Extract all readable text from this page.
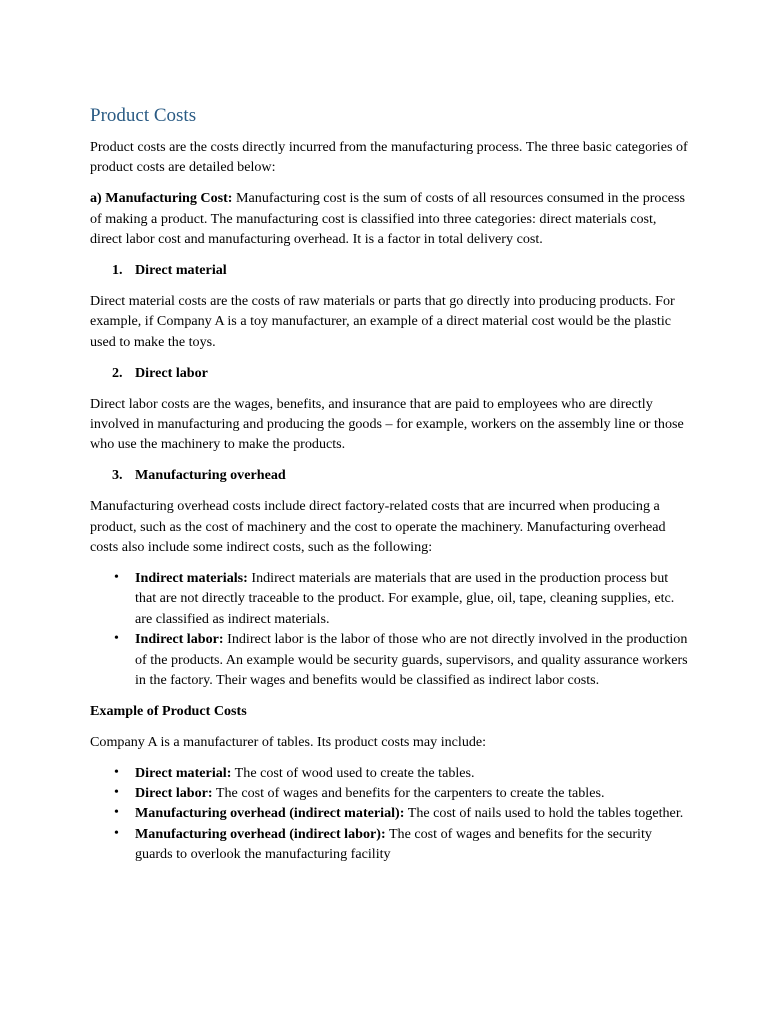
Product Costs

Product costs are the costs directly incurred from the manufacturing process. The three basic categories of product costs are detailed below:

a) Manufacturing Cost: Manufacturing cost is the sum of costs of all resources consumed in the process of making a product. The manufacturing cost is classified into three categories: direct materials cost, direct labor cost and manufacturing overhead. It is a factor in total delivery cost.

1. Direct material

Direct material costs are the costs of raw materials or parts that go directly into producing products. For example, if Company A is a toy manufacturer, an example of a direct material cost would be the plastic used to make the toys.

2. Direct labor

Direct labor costs are the wages, benefits, and insurance that are paid to employees who are directly involved in manufacturing and producing the goods – for example, workers on the assembly line or those who use the machinery to make the products.

3. Manufacturing overhead

Manufacturing overhead costs include direct factory-related costs that are incurred when producing a product, such as the cost of machinery and the cost to operate the machinery. Manufacturing overhead costs also include some indirect costs, such as the following:

• Indirect materials: Indirect materials are materials that are used in the production process but that are not directly traceable to the product. For example, glue, oil, tape, cleaning supplies, etc. are classified as indirect materials.
• Indirect labor: Indirect labor is the labor of those who are not directly involved in the production of the products. An example would be security guards, supervisors, and quality assurance workers in the factory. Their wages and benefits would be classified as indirect labor costs.
Example of Product Costs

Company A is a manufacturer of tables. Its product costs may include:

• Direct material: The cost of wood used to create the tables.
• Direct labor: The cost of wages and benefits for the carpenters to create the tables.
• Manufacturing overhead (indirect material): The cost of nails used to hold the tables together.
• Manufacturing overhead (indirect labor): The cost of wages and benefits for the security guards to overlook the manufacturing facility
